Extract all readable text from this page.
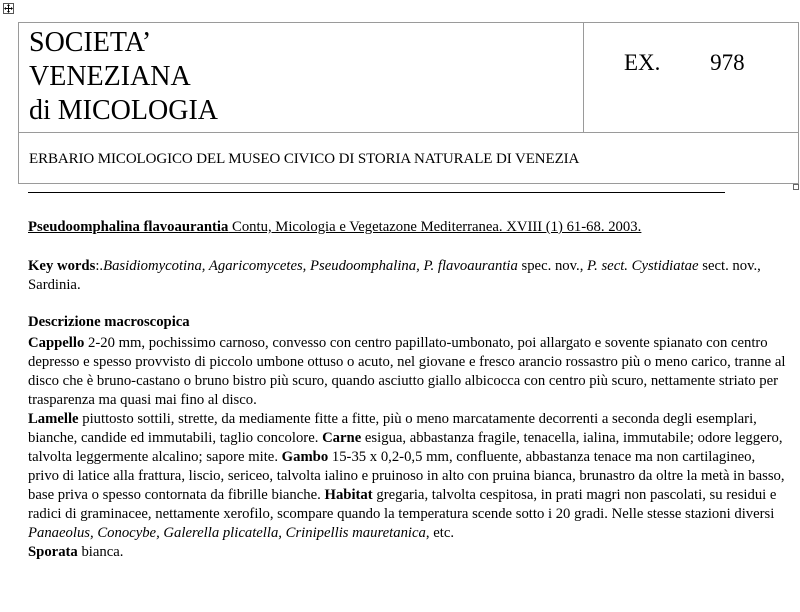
SOCIETA’
VENEZIANA
di MICOLOGIA

EX. 978

ERBARIO MICOLOGICO DEL MUSEO CIVICO DI STORIA NATURALE DI VENEZIA

Pseudoomphalina flavoaurantia Contu, Micologia e Vegetazone Mediterranea. XVIII (1) 61-68. 2003.

Key words:.Basidiomycotina, Agaricomycetes, Pseudoomphalina, P. flavoaurantia spec. nov., P. sect. Cystidiatae sect. nov., Sardinia.

Descrizione macroscopica

Cappello 2-20 mm, pochissimo carnoso, convesso con centro papillato-umbonato, poi allargato e sovente spianato con centro depresso e spesso provvisto di piccolo umbone ottuso o acuto, nel giovane e fresco arancio rossastro più o meno carico, tranne al disco che è bruno-castano o bruno bistro più scuro, quando asciutto giallo albicocca con centro più scuro, nettamente striato per trasparenza ma quasi mai fino al disco.

Lamelle piuttosto sottili, strette, da mediamente fitte a fitte, più o meno marcatamente decorrenti a seconda degli esemplari, bianche, candide ed immutabili, taglio concolore. Carne esigua, abbastanza fragile, tenacella, ialina, immutabile; odore leggero, talvolta leggermente alcalino; sapore mite. Gambo 15-35 x 0,2-0,5 mm, confluente, abbastanza tenace ma non cartilagineo, privo di latice alla frattura, liscio, sericeo, talvolta ialino e pruinoso in alto con pruina bianca, brunastro da oltre la metà in basso, base priva o spesso contornata da fibrille bianche. Habitat gregaria, talvolta cespitosa, in prati magri non pascolati, su residui e radici di graminacee, nettamente xerofilo, scompare quando la temperatura scende sotto i 20 gradi. Nelle stesse stazioni diversi Panaeolus, Conocybe, Galerella plicatella, Crinipellis mauretanica, etc.

Sporata bianca.
